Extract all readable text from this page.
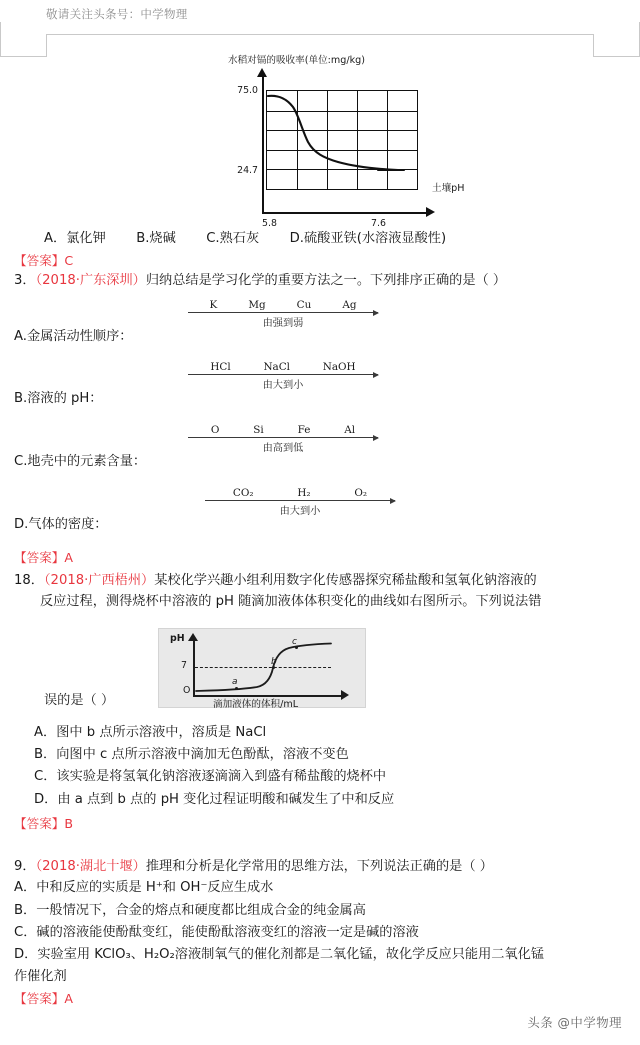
敬请关注头条号：中学物理
水稻对镉的吸收率(单位:mg/kg)
75.0
24.7
5.8	7.6
土壤pH
A．氯化钾 B.烧碱 C.熟石灰 D.硫酸亚铁(水溶液显酸性)
【答案】C
3．（2018·广东深圳）归纳总结是学习化学的重要方法之一。下列排序正确的是（ ）
A.金属活动性顺序：
K	Mg	Cu	Ag
由强到弱
B.溶液的 pH：
HCl	NaCl	NaOH
由大到小
C.地壳中的元素含量：
O	Si	Fe	Al
由高到低
D.气体的密度：
CO₂	H₂	O₂
由大到小
【答案】A
18．（2018·广西梧州）某校化学兴趣小组利用数字化传感器探究稀盐酸和氢氧化钠溶液的
反应过程，测得烧杯中溶液的 pH 随滴加液体体积变化的曲线如右图所示。下列说法错
pH
7
O
a
b
c
滴加液体的体积/mL
误的是（ ）
A．图中 b 点所示溶液中，溶质是 NaCl
B．向图中 c 点所示溶液中滴加无色酚酞，溶液不变色
C．该实验是将氢氧化钠溶液逐滴滴入到盛有稀盐酸的烧杯中
D．由 a 点到 b 点的 pH 变化过程证明酸和碱发生了中和反应
【答案】B
9．（2018·湖北十堰）推理和分析是化学常用的思维方法，下列说法正确的是（ ）
A．中和反应的实质是 H⁺和 OH⁻反应生成水
B．一般情况下，合金的熔点和硬度都比组成合金的纯金属高
C．碱的溶液能使酚酞变红，能使酚酞溶液变红的溶液一定是碱的溶液
D．实验室用 KClO₃、H₂O₂溶液制氧气的催化剂都是二氧化锰，故化学反应只能用二氧化锰
作催化剂
【答案】A
头条 @中学物理
